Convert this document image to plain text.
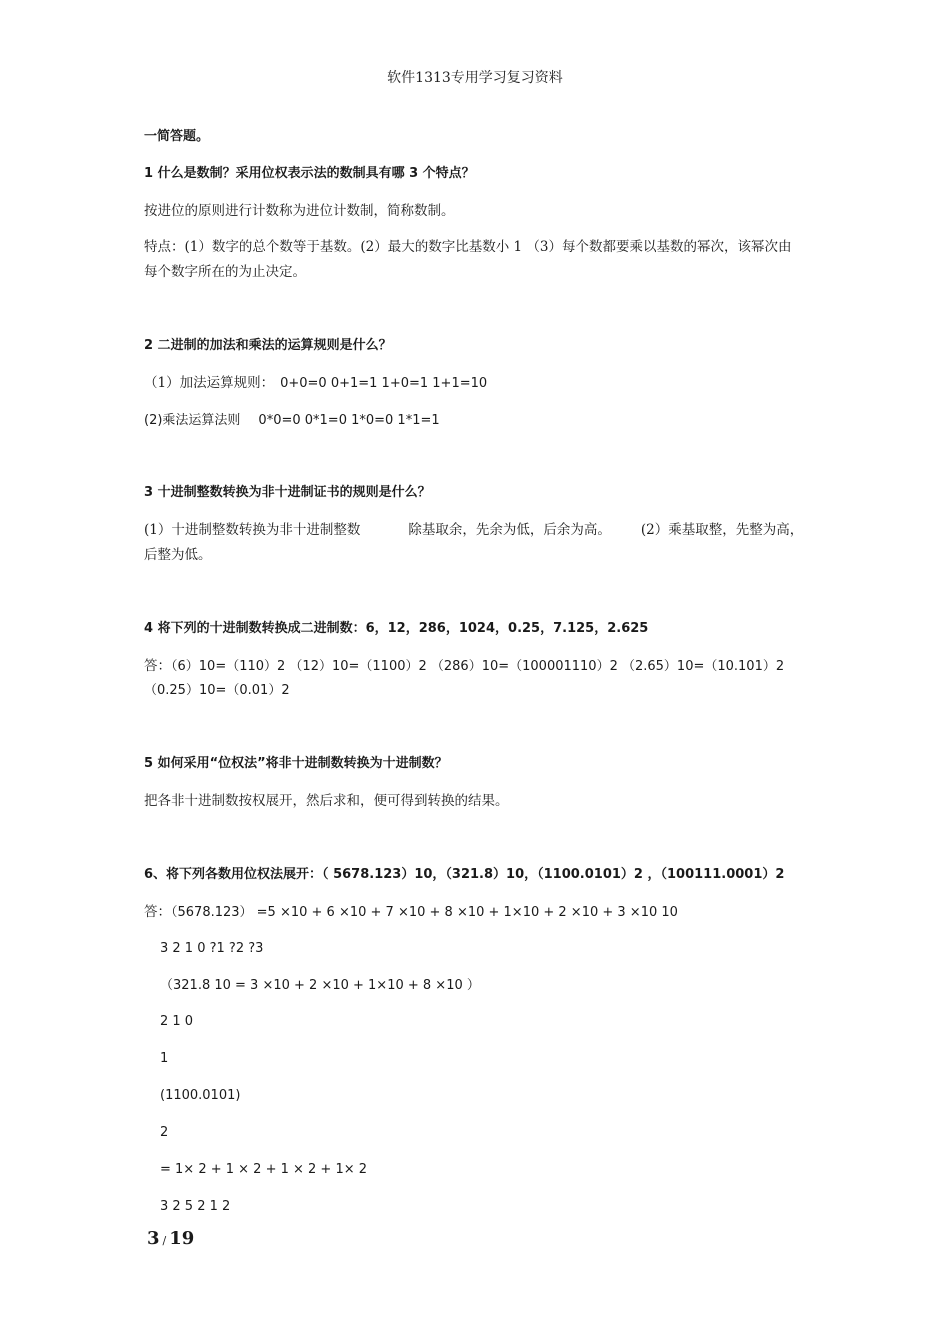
软件1313专用学习复习资料
一简答题。
1 什么是数制？采用位权表示法的数制具有哪 3 个特点？
按进位的原则进行计数称为进位计数制，简称数制。
特点：(1）数字的总个数等于基数。(2）最大的数字比基数小 1 （3）每个数都要乘以基数的幂次，该幂次由
每个数字所在的为止决定。
2 二进制的加法和乘法的运算规则是什么？
（1）加法运算规则： 0+0=0 0+1=1 1+0=1 1+1=10
(2)乘法运算法则 0*0=0 0*1=0 1*0=0 1*1=1
3 十进制整数转换为非十进制证书的规则是什么？
(1）十进制整数转换为非十进制整数	除基取余，先余为低，后余为高。 (2）乘基取整，先整为高，
后整为低。
4 将下列的十进制数转换成二进制数：6，12，286，1024，0.25，7.125，2.625
答：（6）10=（110）2 （12）10=（1100）2 （286）10=（100001110）2 （2.65）10=（10.101）2
（0.25）10=（0.01）2
5 如何采用“位权法”将非十进制数转换为十进制数？
把各非十进制数按权展开，然后求和，便可得到转换的结果。
6、将下列各数用位权法展开：（ 5678.123）10，（321.8）10，（1100.0101）2 ，（100111.0001）2
答：（5678.123） =5 ×10 + 6 ×10 + 7 ×10 + 8 ×10 + 1×10 + 2 ×10 + 3 ×10 10
3 2 1 0 ?1 ?2 ?3
（321.8 10 = 3 ×10 + 2 ×10 + 1×10 + 8 ×10 ）
2 1 0
1
(1100.0101)
2
= 1× 2 + 1 × 2 + 1 × 2 + 1× 2
3 2 5 2 1 2
3 / 19
